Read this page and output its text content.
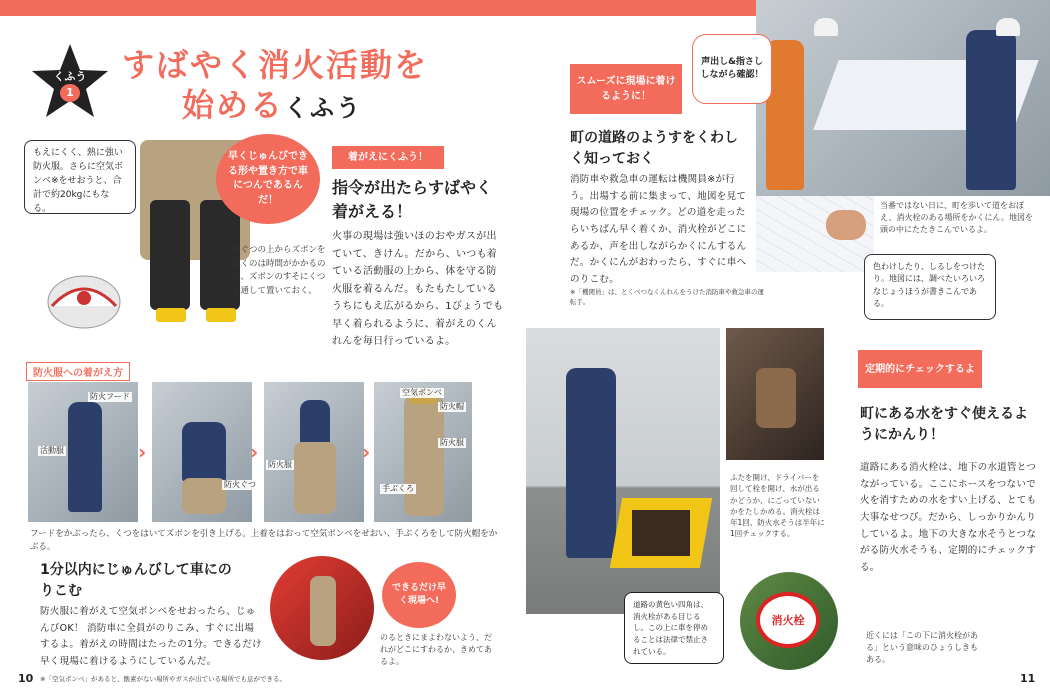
くふう
1
すばやく消火活動を
始めるくふう
早くじゅんびできる形や置き方で車につんであるんだ！
もえにくく、熱に強い防火服。さらに空気ボンベ※をせおうと、合計で約20kgにもなる。
長ぐつの上からズボンをはくのは時間がかかるので、ズボンのすそにくつを通して置いておく。
着がえにくふう！
指令が出たらすばやく着がえる！
火事の現場は強いほのおやガスが出ていて、きけん。だから、いつも着ている活動服の上から、体を守る防火服を着るんだ。もたもたしているうちにもえ広がるから、1びょうでも早く着られるように、着がえのくんれんを毎日行っているよ。
防火服への着がえ方
›	›	›
防火フード
活動服
空気ボンベ
防火帽
防火服
防火服
防火ぐつ	手ぶくろ
フードをかぶったら、くつをはいてズボンを引き上げる。上着をはおって空気ボンベをせおい、手ぶくろをして防火帽をかぶる。
1分以内にじゅんびして車にのりこむ
防火服に着がえて空気ボンベをせおったら、じゅんびOK！ 消防車に全員がのりこみ、すぐに出場するよ。着がえの時間はたったの1分。できるだけ早く現場に着けるようにしているんだ。
できるだけ早く現場へ!
のるときにまよわないよう、だれがどこにすわるか、きめてあるよ。
10 ※「空気ボンベ」があると、酸素がない場所やガスが出ている場所でも息ができる。
声出し&指さししながら確認！
スムーズに現場に着けるように！
町の道路のようすをくわしく知っておく
消防車や救急車の運転は機関員※が行う。出場する前に集まって、地図を見て現場の位置をチェック。どの道を走ったらいちばん早く着くか、消火栓がどこにあるか、声を出しながらかくにんするんだ。かくにんがおわったら、すぐに車へのりこむ。
※「機関員」は、とくべつなくんれんをうけた消防車や救急車の運転手。
当番ではない日に、町を歩いて道をおぼえ、消火栓のある場所をかくにん。地図を頭の中にたたきこんでいるよ。
色わけしたり、しるしをつけたり。地図には、調べたいろいろなじょうほうが書きこんである。
ふたを開け、ドライバーを回して栓を開け、水が出るかどうか、にごっていないかをたしかめる。消火栓は年1回、防火水そうは半年に1回チェックする。
道路の黄色い四角は、消火栓がある目じるし。この上に車を停めることは法律で禁止されている。
定期的にチェックするよ
町にある水をすぐ使えるようにかんり！
道路にある消火栓は、地下の水道管とつながっている。ここにホースをつないで火を消すための水をすい上げる、とても大事なせつび。だから、しっかりかんりしているよ。地下の大きな水そうとつながる防火水そうも、定期的にチェックする。
消火栓
近くには「この下に消火栓がある」という意味のひょうしきもある。
11
